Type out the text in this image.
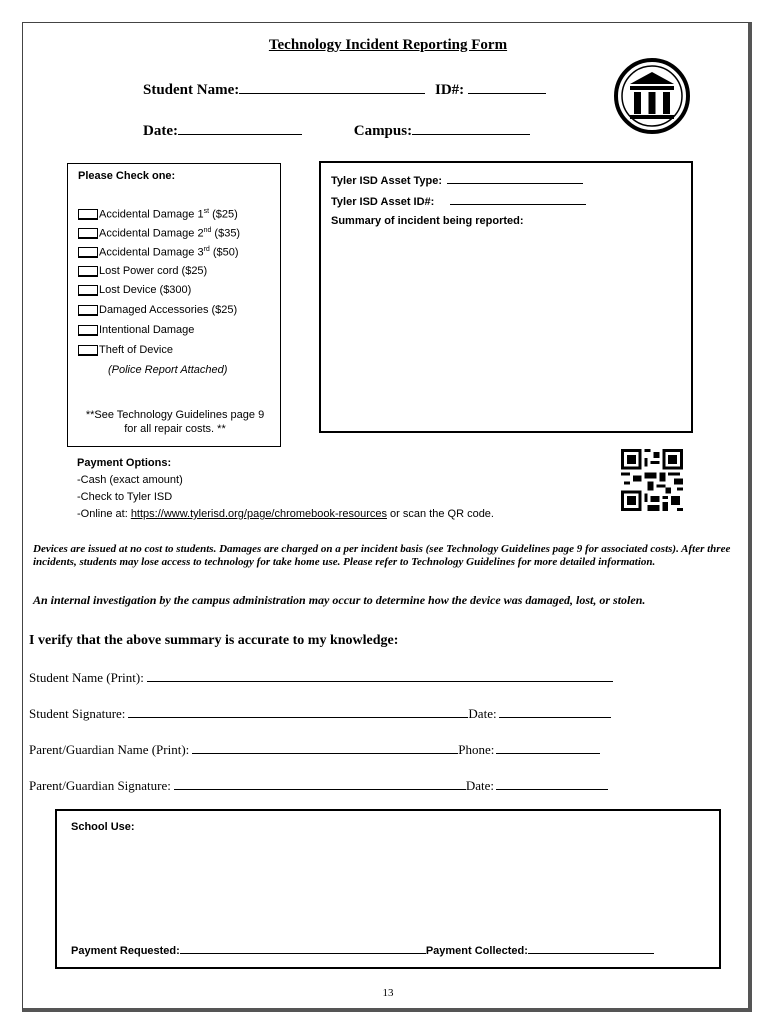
Technology Incident Reporting Form
Student Name:	ID#:
Date:	Campus:
Please Check one:
Accidental Damage 1st ($25)
Accidental Damage 2nd ($35)
Accidental Damage 3rd ($50)
Lost Power cord ($25)
Lost Device ($300)
Damaged Accessories ($25)
Intentional Damage
Theft of Device
(Police Report Attached)
**See Technology Guidelines page 9
for all repair costs. **
Tyler ISD Asset Type:
Tyler ISD Asset ID#:
Summary of incident being reported:
Payment Options:
-Cash (exact amount)
-Check to Tyler ISD
-Online at: https://www.tylerisd.org/page/chromebook-resources or scan the QR code.
Devices are issued at no cost to students. Damages are charged on a per incident basis (see Technology Guidelines page 9 for associated costs). After three incidents, students may lose access to technology for take home use. Please refer to Technology Guidelines for more detailed information.
An internal investigation by the campus administration may occur to determine how the device was damaged, lost, or stolen.
I verify that the above summary is accurate to my knowledge:
Student Name (Print):
Student Signature:	Date:
Parent/Guardian Name (Print):	Phone:
Parent/Guardian Signature:	Date:
School Use:
Payment Requested:	Payment Collected:
13
